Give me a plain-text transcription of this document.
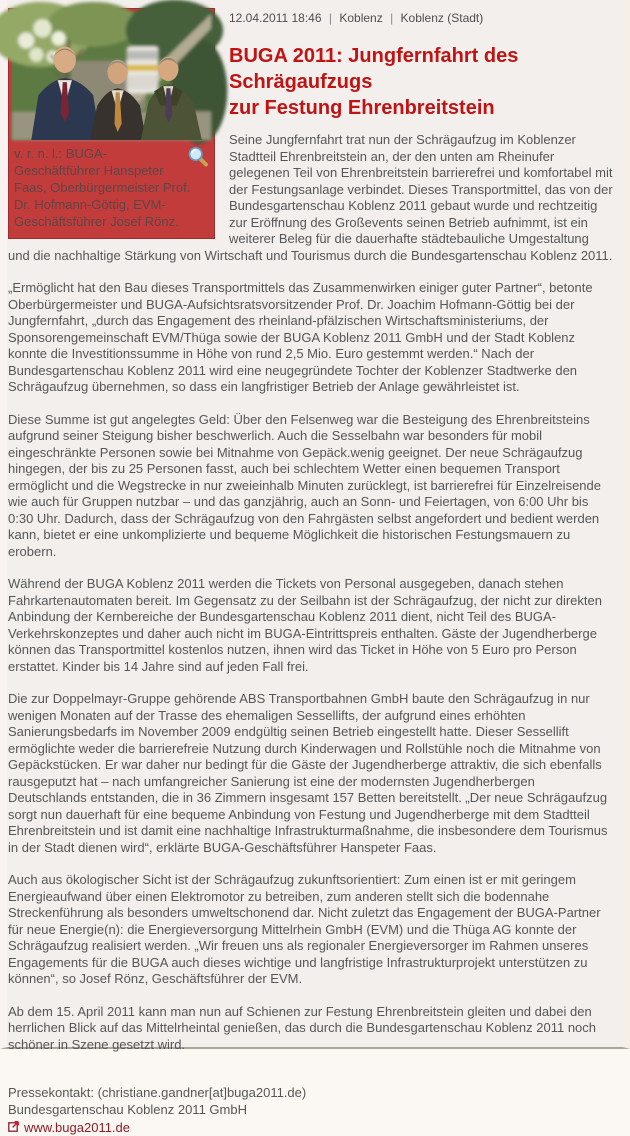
v. r. n. l.: BUGA-Geschäftführer Hanspeter Faas, Oberbürgermeister Prof. Dr. Hofmann-Göttig, EVM-Geschäftsführer Josef Rönz.
12.04.2011 18:46 | Koblenz | Koblenz (Stadt)
BUGA 2011: Jungfernfahrt des Schrägaufzugs
zur Festung Ehrenbreitstein

Seine Jungfernfahrt trat nun der Schrägaufzug im Koblenzer Stadtteil Ehrenbreitstein an, der den unten am Rheinufer gelegenen Teil von Ehrenbreitstein barrierefrei und komfortabel mit der Festungsanlage verbindet. Dieses Transportmittel, das von der Bundesgartenschau Koblenz 2011 gebaut wurde und rechtzeitig zur Eröffnung des Großevents seinen Betrieb aufnimmt, ist ein weiterer Beleg für die dauerhafte städtebauliche Umgestaltung und die nachhaltige Stärkung von Wirtschaft und Tourismus durch die Bundesgartenschau Koblenz 2011.

„Ermöglicht hat den Bau dieses Transportmittels das Zusammenwirken einiger guter Partner“, betonte Oberbürgermeister und BUGA-Aufsichtsratsvorsitzender Prof. Dr. Joachim Hofmann-Göttig bei der Jungfernfahrt, „durch das Engagement des rheinland-pfälzischen Wirtschaftsministeriums, der Sponsorengemeinschaft EVM/Thüga sowie der BUGA Koblenz 2011 GmbH und der Stadt Koblenz konnte die Investitionssumme in Höhe von rund 2,5 Mio. Euro gestemmt werden.“ Nach der Bundesgartenschau Koblenz 2011 wird eine neugegründete Tochter der Koblenzer Stadtwerke den Schrägaufzug übernehmen, so dass ein langfristiger Betrieb der Anlage gewährleistet ist.

Diese Summe ist gut angelegtes Geld: Über den Felsenweg war die Besteigung des Ehrenbreitsteins aufgrund seiner Steigung bisher beschwerlich. Auch die Sesselbahn war besonders für mobil eingeschränkte Personen sowie bei Mitnahme von Gepäck.wenig geeignet. Der neue Schrägaufzug hingegen, der bis zu 25 Personen fasst, auch bei schlechtem Wetter einen bequemen Transport ermöglicht und die Wegstrecke in nur zweieinhalb Minuten zurücklegt, ist barrierefrei für Einzelreisende wie auch für Gruppen nutzbar – und das ganzjährig, auch an Sonn- und Feiertagen, von 6:00 Uhr bis 0:30 Uhr. Dadurch, dass der Schrägaufzug von den Fahrgästen selbst angefordert und bedient werden kann, bietet er eine unkomplizierte und bequeme Möglichkeit die historischen Festungsmauern zu erobern.

Während der BUGA Koblenz 2011 werden die Tickets von Personal ausgegeben, danach stehen Fahrkartenautomaten bereit. Im Gegensatz zu der Seilbahn ist der Schrägaufzug, der nicht zur direkten Anbindung der Kernbereiche der Bundesgartenschau Koblenz 2011 dient, nicht Teil des BUGA-Verkehrskonzeptes und daher auch nicht im BUGA-Eintrittspreis enthalten. Gäste der Jugendherberge können das Transportmittel kostenlos nutzen, ihnen wird das Ticket in Höhe von 5 Euro pro Person erstattet. Kinder bis 14 Jahre sind auf jeden Fall frei.

Die zur Doppelmayr-Gruppe gehörende ABS Transportbahnen GmbH baute den Schrägaufzug in nur wenigen Monaten auf der Trasse des ehemaligen Sessellifts, der aufgrund eines erhöhten Sanierungsbedarfs im November 2009 endgültig seinen Betrieb eingestellt hatte. Dieser Sessellift ermöglichte weder die barrierefreie Nutzung durch Kinderwagen und Rollstühle noch die Mitnahme von Gepäckstücken. Er war daher nur bedingt für die Gäste der Jugendherberge attraktiv, die sich ebenfalls rausgeputzt hat – nach umfangreicher Sanierung ist eine der modernsten Jugendherbergen Deutschlands entstanden, die in 36 Zimmern insgesamt 157 Betten bereitstellt. „Der neue Schrägaufzug sorgt nun dauerhaft für eine bequeme Anbindung von Festung und Jugendherberge mit dem Stadtteil Ehrenbreitstein und ist damit eine nachhaltige Infrastrukturmaßnahme, die insbesondere dem Tourismus in der Stadt dienen wird“, erklärte BUGA-Geschäftsführer Hanspeter Faas.

Auch aus ökologischer Sicht ist der Schrägaufzug zukunftsorientiert: Zum einen ist er mit geringem Energieaufwand über einen Elektromotor zu betreiben, zum anderen stellt sich die bodennahe Streckenführung als besonders umweltschonend dar. Nicht zuletzt das Engagement der BUGA-Partner für neue Energie(n): die Energieversorgung Mittelrhein GmbH (EVM) und die Thüga AG konnte der Schrägaufzug realisiert werden. „Wir freuen uns als regionaler Energieversorger im Rahmen unseres Engagements für die BUGA auch dieses wichtige und langfristige Infrastrukturprojekt unterstützen zu können“, so Josef Rönz, Geschäftsführer der EVM.

Ab dem 15. April 2011 kann man nun auf Schienen zur Festung Ehrenbreitstein gleiten und dabei den herrlichen Blick auf das Mittelrheintal genießen, das durch die Bundesgartenschau Koblenz 2011 noch schöner in Szene gesetzt wird.

Pressekontakt: (christiane.gandner[at]buga2011.de)

Bundesgartenschau Koblenz 2011 GmbH

www.buga2011.de
